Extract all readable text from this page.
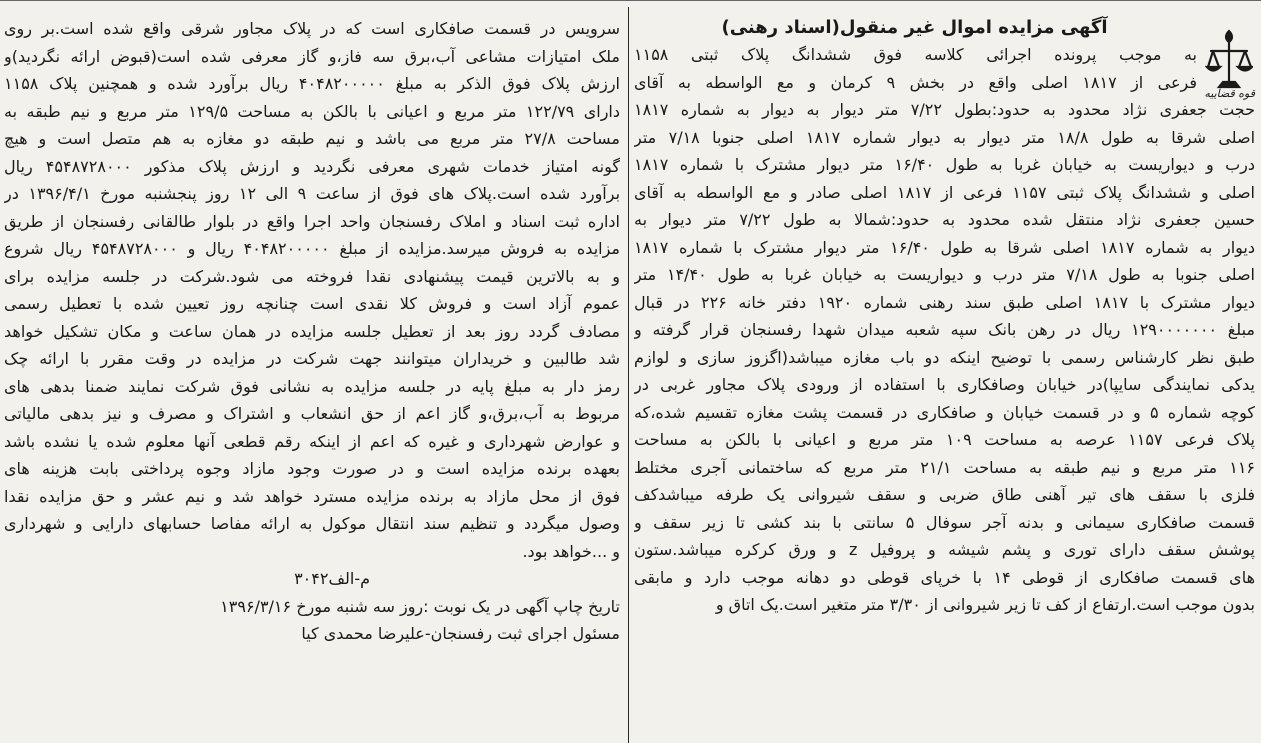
قوه قضاییه
آگهی مزایده اموال غیر منقول(اسناد رهنی)
به موجب پرونده اجرائی کلاسه فوق ششدانگ پلاک ثبتی ۱۱۵۸
فرعی از ۱۸۱۷ اصلی واقع در بخش ۹ کرمان و مع الواسطه به آقای
حجت جعفری نژاد محدود به حدود:بطول ۷/۲۲ متر دیوار به دیوار به شماره ۱۸۱۷
اصلی شرقا به طول ۱۸/۸ متر دیوار به دیوار شماره ۱۸۱۷ اصلی جنوبا ۷/۱۸ متر
درب و دیواریست به خیابان غربا به طول ۱۶/۴۰ متر دیوار مشترک با شماره ۱۸۱۷
اصلی و ششدانگ پلاک ثبتی ۱۱۵۷ فرعی از ۱۸۱۷ اصلی صادر و مع الواسطه به آقای
حسین جعفری نژاد منتقل شده محدود به حدود:شمالا به طول ۷/۲۲ متر دیوار به
دیوار به شماره ۱۸۱۷ اصلی شرقا به طول ۱۶/۴۰ متر دیوار مشترک با شماره ۱۸۱۷
اصلی جنوبا به طول ۷/۱۸ متر درب و دیواریست به خیابان غربا به طول ۱۴/۴۰ متر
دیوار مشترک با ۱۸۱۷ اصلی طبق سند رهنی شماره ۱۹۲۰ دفتر خانه ۲۲۶ در قبال
مبلغ ۱۲۹۰۰۰۰۰۰۰ ریال در رهن بانک سپه شعبه میدان شهدا رفسنجان قرار گرفته و
طبق نظر کارشناس رسمی با توضیح اینکه دو باب مغازه میباشد(اگزوز سازی و لوازم
یدکی نمایندگی سایپا)در خیابان وصافکاری با استفاده از ورودی پلاک مجاور غربی در
کوچه شماره ۵ و در قسمت خیابان و صافکاری در قسمت پشت مغازه تقسیم شده،که
پلاک فرعی ۱۱۵۷ عرصه به مساحت ۱۰۹ متر مربع و اعیانی با بالکن به مساحت
۱۱۶ متر مربع و نیم طبقه به مساحت ۲۱/۱ متر مربع که ساختمانی آجری مختلط
فلزی با سقف های تیر آهنی طاق ضربی و سقف شیروانی یک طرفه میباشدکف
قسمت صافکاری سیمانی و بدنه آجر سوفال ۵ سانتی با بند کشی تا زیر سقف و
پوشش سقف دارای توری و پشم شیشه و پروفیل z و ورق کرکره میباشد.ستون
های قسمت صافکاری از قوطی ۱۴ با خرپای قوطی دو دهانه موجب دارد و مابقی
بدون موجب است.ارتفاع از کف تا زیر شیروانی از ۳/۳۰ متر متغیر است.یک اتاق و
سرویس در قسمت صافکاری است که در پلاک مجاور شرقی واقع شده است.بر روی
ملک امتیازات مشاعی آب،برق سه فاز،و گاز معرفی شده است(قبوض ارائه نگردید)و
ارزش پلاک فوق الذکر به مبلغ ۴۰۴۸۲۰۰۰۰۰ ریال برآورد شده و همچنین پلاک ۱۱۵۸
دارای ۱۲۲/۷۹ متر مربع و اعیانی با بالکن به مساحت ۱۲۹/۵ متر مربع و نیم طبقه به
مساحت ۲۷/۸ متر مربع می باشد و نیم طبقه دو مغازه به هم متصل است و هیچ
گونه امتیاز خدمات شهری معرفی نگردید و ارزش پلاک مذکور ۴۵۴۸۷۲۸۰۰۰ ریال
برآورد شده است.پلاک های فوق از ساعت ۹ الی ۱۲ روز پنجشنبه مورخ ۱۳۹۶/۴/۱ در
اداره ثبت اسناد و املاک رفسنجان واحد اجرا واقع در بلوار طالقانی رفسنجان از طریق
مزایده به فروش میرسد.مزایده از مبلغ ۴۰۴۸۲۰۰۰۰۰ ریال و ۴۵۴۸۷۲۸۰۰۰ ریال شروع
و به بالاترین قیمت پیشنهادی نقدا فروخته می شود.شرکت در جلسه مزایده برای
عموم آزاد است و فروش کلا نقدی است چنانچه روز تعیین شده با تعطیل رسمی
مصادف گردد روز بعد از تعطیل جلسه مزایده در همان ساعت و مکان تشکیل خواهد
شد طالبین و خریداران میتوانند جهت شرکت در مزایده در وقت مقرر با ارائه چک
رمز دار به مبلغ پایه در جلسه مزایده به نشانی فوق شرکت نمایند ضمنا بدهی های
مربوط به آب،برق،و گاز اعم از حق انشعاب و اشتراک و مصرف و نیز بدهی مالیاتی
و عوارض شهرداری و غیره که اعم از اینکه رقم قطعی آنها معلوم شده یا نشده باشد
بعهده برنده مزایده است و در صورت وجود مازاد وجوه پرداختی بابت هزینه های
فوق از محل مازاد به برنده مزایده مسترد خواهد شد و نیم عشر و حق مزایده نقدا
وصول میگردد و تنظیم سند انتقال موکول به ارائه مفاصا حسابهای دارایی و شهرداری
و ...خواهد بود.
م-الف۳۰۴۲
تاریخ چاپ آگهی در یک نوبت :روز سه شنبه مورخ ۱۳۹۶/۳/۱۶
مسئول اجرای ثبت رفسنجان-علیرضا محمدی کیا
